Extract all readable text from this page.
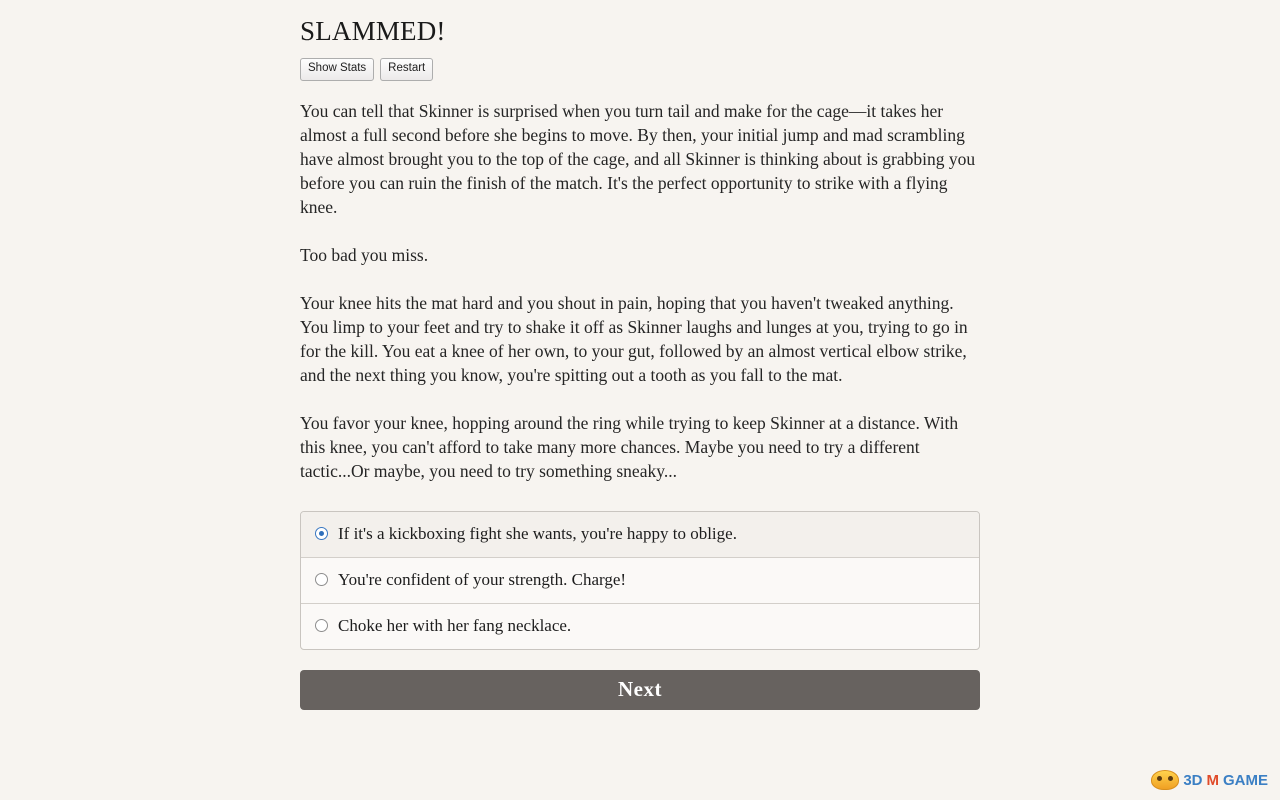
SLAMMED!
Show Stats	Restart

You can tell that Skinner is surprised when you turn tail and make for the cage—it takes her almost a full second before she begins to move. By then, your initial jump and mad scrambling have almost brought you to the top of the cage, and all Skinner is thinking about is grabbing you before you can ruin the finish of the match. It's the perfect opportunity to strike with a flying knee.

Too bad you miss.

Your knee hits the mat hard and you shout in pain, hoping that you haven't tweaked anything. You limp to your feet and try to shake it off as Skinner laughs and lunges at you, trying to go in for the kill. You eat a knee of her own, to your gut, followed by an almost vertical elbow strike, and the next thing you know, you're spitting out a tooth as you fall to the mat.

You favor your knee, hopping around the ring while trying to keep Skinner at a distance. With this knee, you can't afford to take many more chances. Maybe you need to try a different tactic...Or maybe, you need to try something sneaky...

If it's a kickboxing fight she wants, you're happy to oblige.
You're confident of your strength. Charge!
Choke her with her fang necklace.
Next
3D M GAME
